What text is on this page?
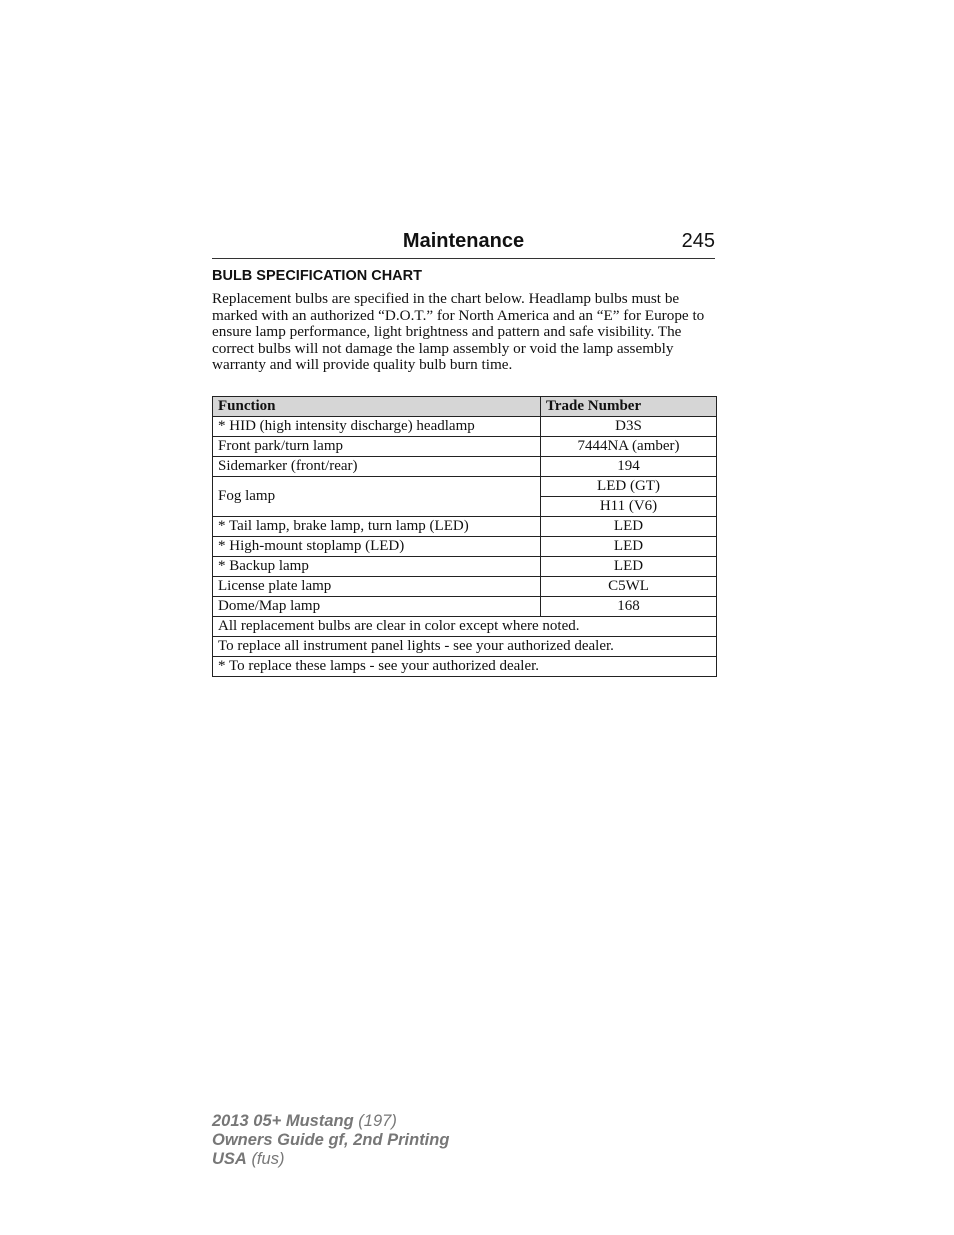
Maintenance	245
BULB SPECIFICATION CHART

Replacement bulbs are specified in the chart below. Headlamp bulbs must be marked with an authorized “D.O.T.” for North America and an “E” for Europe to ensure lamp performance, light brightness and pattern and safe visibility. The correct bulbs will not damage the lamp assembly or void the lamp assembly warranty and will provide quality bulb burn time.

Function	Trade Number
* HID (high intensity discharge) headlamp	D3S
Front park/turn lamp	7444NA (amber)
Sidemarker (front/rear)	194
Fog lamp	LED (GT)
	H11 (V6)
* Tail lamp, brake lamp, turn lamp (LED)	LED
* High-mount stoplamp (LED)	LED
* Backup lamp	LED
License plate lamp	C5WL
Dome/Map lamp	168
All replacement bulbs are clear in color except where noted.	
To replace all instrument panel lights - see your authorized dealer.	
* To replace these lamps - see your authorized dealer.	
2013 05+ Mustang (197)
Owners Guide gf, 2nd Printing
USA (fus)
